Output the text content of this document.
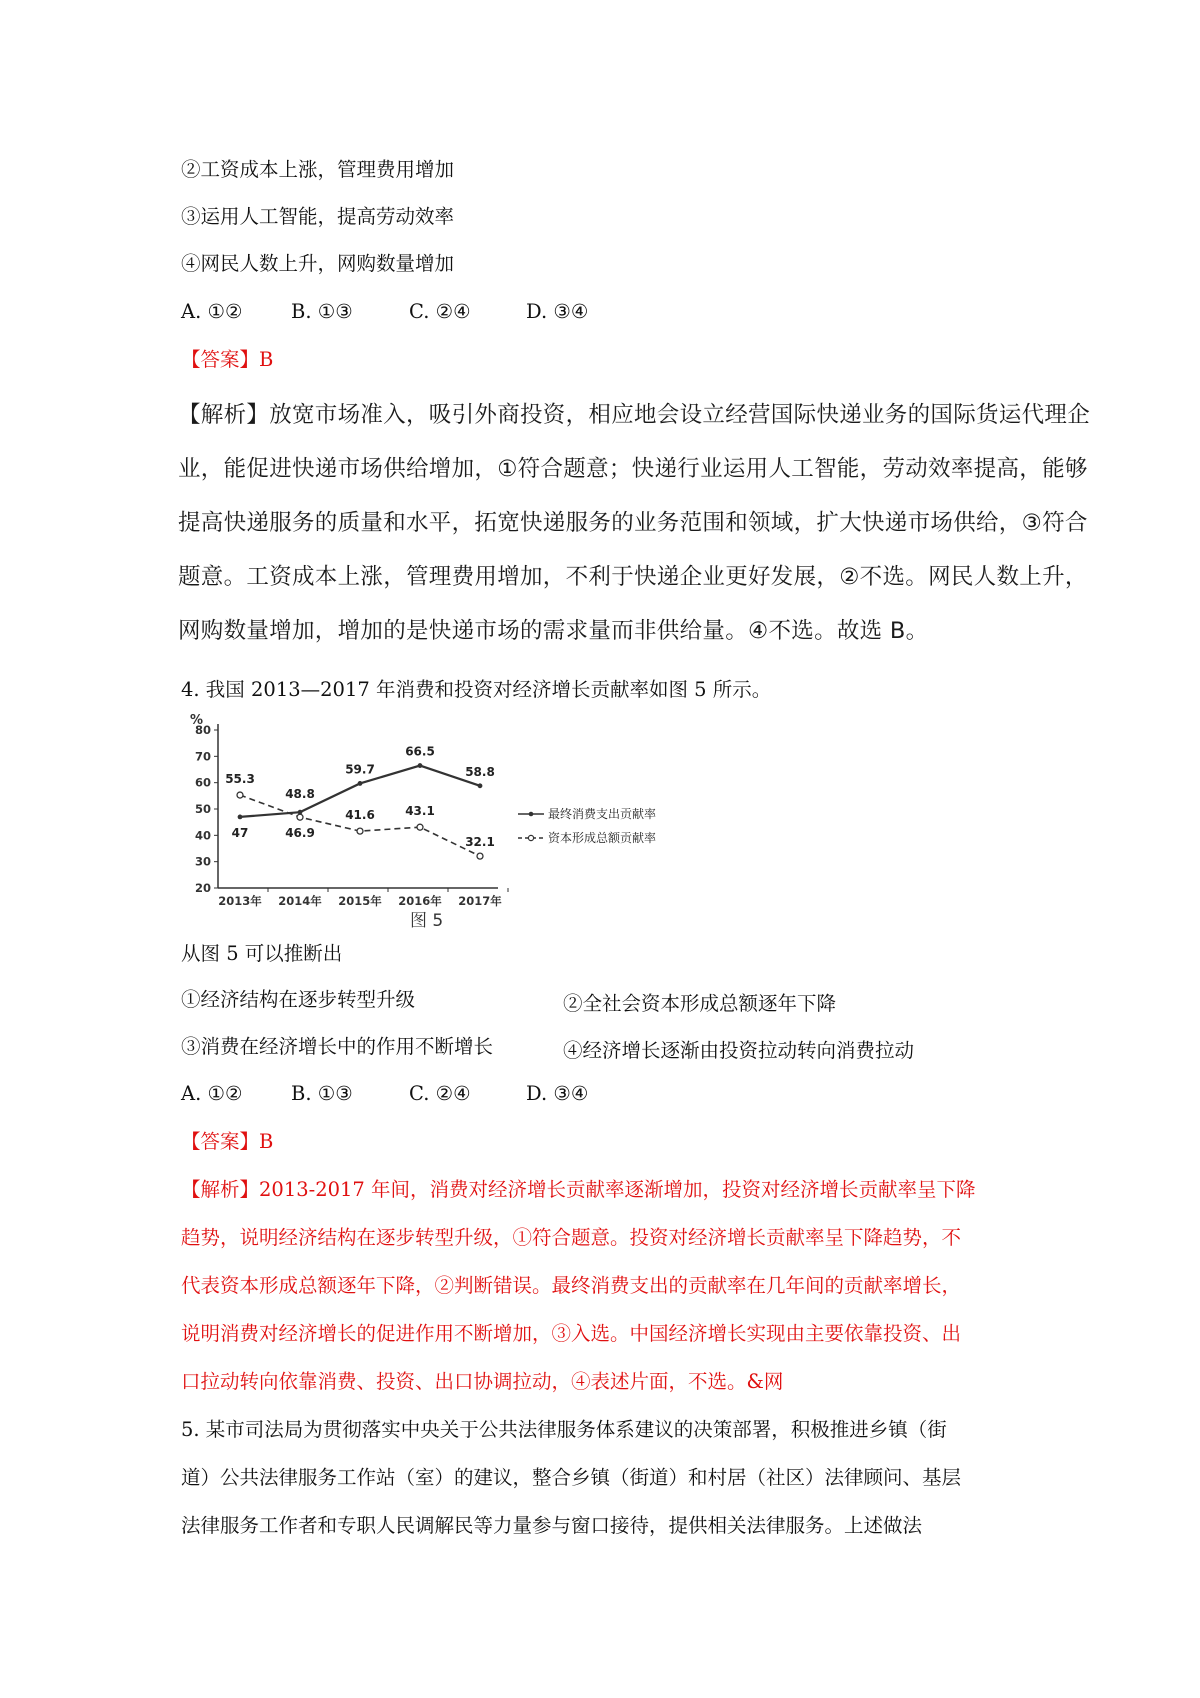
②工资成本上涨，管理费用增加
③运用人工智能，提高劳动效率
④网民人数上升，网购数量增加
A. ①② B. ①③	C. ②④	D. ③④
【答案】B
【解析】放宽市场准入，吸引外商投资，相应地会设立经营国际快递业务的国际货运代理企
业，能促进快递市场供给增加，①符合题意；快递行业运用人工智能，劳动效率提高，能够
提高快递服务的质量和水平，拓宽快递服务的业务范围和领域，扩大快递市场供给，③符合
题意。工资成本上涨，管理费用增加，不利于快递企业更好发展，②不选。网民人数上升，
网购数量增加，增加的是快递市场的需求量而非供给量。④不选。故选 B。
4. 我国 2013—2017 年消费和投资对经济增长贡献率如图 5 所示。
%
20
30
40
50
60
70
80
2013年 2014年 2015年 2016年 2017年
47
48.8
59.7
66.5
58.8
55.3
46.9
41.6	43.1
32.1
最终消费支出贡献率
资本形成总额贡献率
图 5
从图 5 可以推断出
①经济结构在逐步转型升级	②全社会资本形成总额逐年下降
③消费在经济增长中的作用不断增长	④经济增长逐渐由投资拉动转向消费拉动
A. ①② B. ①③	C. ②④	D. ③④
【答案】B
【解析】2013-2017 年间，消费对经济增长贡献率逐渐增加，投资对经济增长贡献率呈下降
趋势，说明经济结构在逐步转型升级，①符合题意。投资对经济增长贡献率呈下降趋势，不
代表资本形成总额逐年下降，②判断错误。最终消费支出的贡献率在几年间的贡献率增长，
说明消费对经济增长的促进作用不断增加，③入选。中国经济增长实现由主要依靠投资、出
口拉动转向依靠消费、投资、出口协调拉动，④表述片面，不选。&网
5. 某市司法局为贯彻落实中央关于公共法律服务体系建议的决策部署，积极推进乡镇（街
道）公共法律服务工作站（室）的建议，整合乡镇（街道）和村居（社区）法律顾问、基层
法律服务工作者和专职人民调解民等力量参与窗口接待，提供相关法律服务。上述做法
